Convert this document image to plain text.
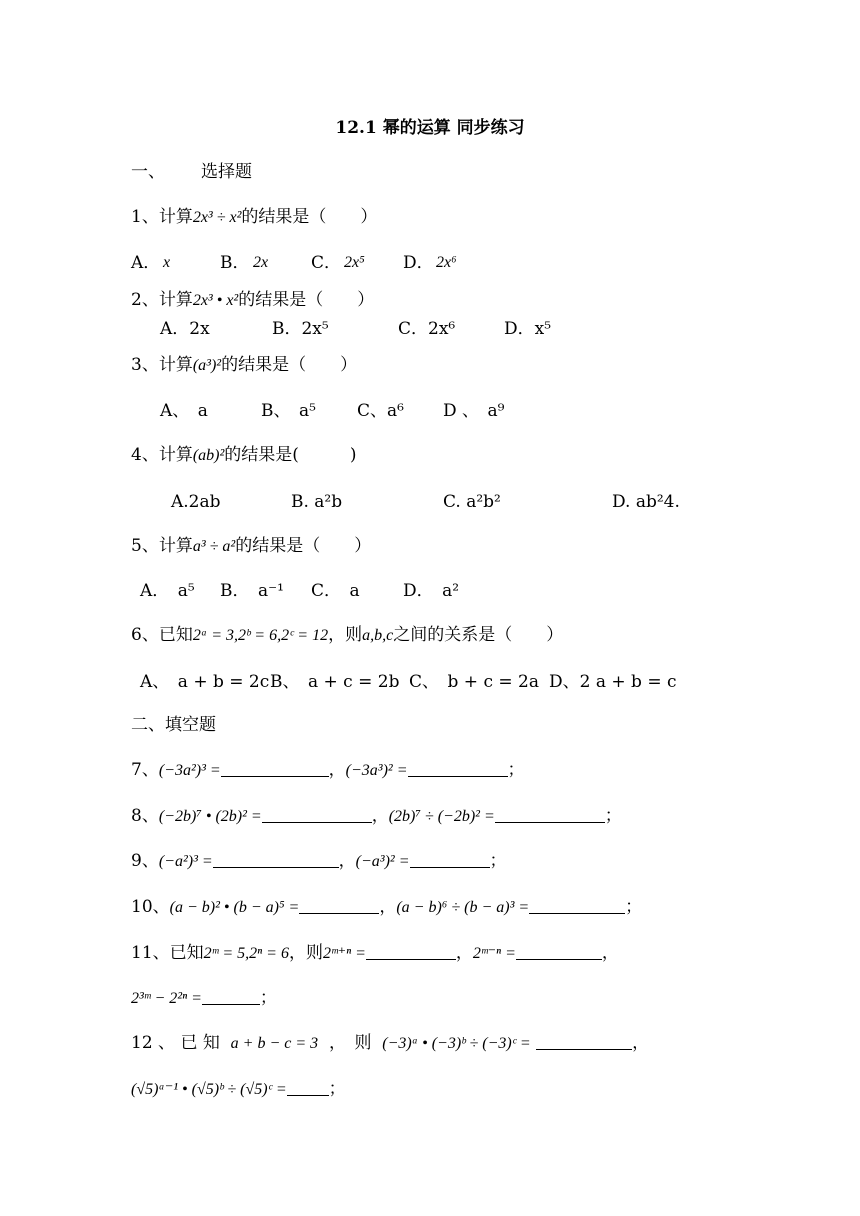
12.1 幂的运算 同步练习
一、 选择题
1、计算2x³ ÷ x²的结果是（　　）
A． x	B． 2x	C． 2x⁵ D． 2x⁶
2、计算2x³ • x²的结果是（　　）
A．2x	B．2x⁵	C．2x⁶	D．x⁵
3、计算(a³)²的结果是（　　）
A、　a	B、　a⁵ C、a⁶ D 、　a⁹
4、计算(ab)²的结果是(　　　)
A.2ab	B. a²b	C. a²b²	D. ab²4.
5、计算a³ ÷ a²的结果是（　　）
A．　a⁵ B．　a⁻¹ C．　a	D．　a²
6、已知2ᵃ = 3,2ᵇ = 6,2ᶜ = 12，则a,b,c之间的关系是（　　）
A、　a + b = 2c B、　a + c = 2b C、　b + c = 2a D、2 a + b = c
二、填空题
7、(−3a²)³ =	，(−3a³)² =	；
8、(−2b)⁷ • (2b)² =	，(2b)⁷ ÷ (−2b)² =	；
9、(−a²)³ =	，(−a³)² =	；
10、(a − b)² • (b − a)⁵ =	，(a − b)⁶ ÷ (b − a)³ =	；
11、已知2ᵐ = 5,2ⁿ = 6，则2ᵐ⁺ⁿ =	，2ᵐ⁻ⁿ =	，
2³ᵐ − 2²ⁿ =	；
12 、 已 知 a + b − c = 3 ，　则 (−3)ᵃ • (−3)ᵇ ÷ (−3)ᶜ =	，
(√5)ᵃ⁻¹ • (√5)ᵇ ÷ (√5)ᶜ = ；
